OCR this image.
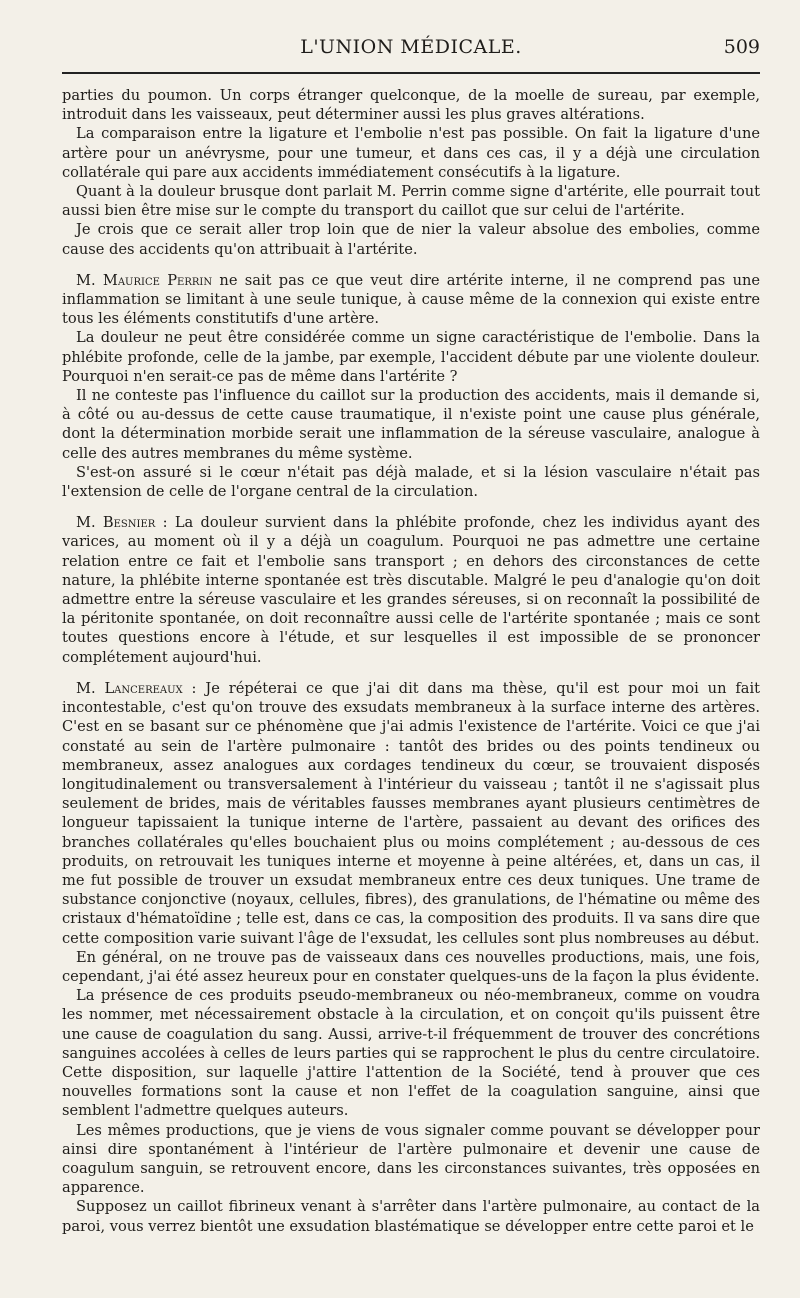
L'UNION MÉDICALE.	509

parties du poumon. Un corps étranger quelconque, de la moelle de sureau, par exemple, introduit dans les vaisseaux, peut déterminer aussi les plus graves altérations.

La comparaison entre la ligature et l'embolie n'est pas possible. On fait la ligature d'une artère pour un anévrysme, pour une tumeur, et dans ces cas, il y a déjà une circulation collatérale qui pare aux accidents immédiatement consécutifs à la ligature.

Quant à la douleur brusque dont parlait M. Perrin comme signe d'artérite, elle pourrait tout aussi bien être mise sur le compte du transport du caillot que sur celui de l'artérite.

Je crois que ce serait aller trop loin que de nier la valeur absolue des embolies, comme cause des accidents qu'on attribuait à l'artérite.

M. Maurice Perrin ne sait pas ce que veut dire artérite interne, il ne comprend pas une inflammation se limitant à une seule tunique, à cause même de la connexion qui existe entre tous les éléments constitutifs d'une artère.

La douleur ne peut être considérée comme un signe caractéristique de l'embolie. Dans la phlébite profonde, celle de la jambe, par exemple, l'accident débute par une violente douleur. Pourquoi n'en serait-ce pas de même dans l'artérite ?

Il ne conteste pas l'influence du caillot sur la production des accidents, mais il demande si, à côté ou au-dessus de cette cause traumatique, il n'existe point une cause plus générale, dont la détermination morbide serait une inflammation de la séreuse vasculaire, analogue à celle des autres membranes du même système.

S'est-on assuré si le cœur n'était pas déjà malade, et si la lésion vasculaire n'était pas l'extension de celle de l'organe central de la circulation.

M. Besnier : La douleur survient dans la phlébite profonde, chez les individus ayant des varices, au moment où il y a déjà un coagulum. Pourquoi ne pas admettre une certaine relation entre ce fait et l'embolie sans transport ; en dehors des circonstances de cette nature, la phlébite interne spontanée est très discutable. Malgré le peu d'analogie qu'on doit admettre entre la séreuse vasculaire et les grandes séreuses, si on reconnaît la possibilité de la péritonite spontanée, on doit reconnaître aussi celle de l'artérite spontanée ; mais ce sont toutes questions encore à l'étude, et sur lesquelles il est impossible de se prononcer complétement aujourd'hui.

M. Lancereaux : Je répéterai ce que j'ai dit dans ma thèse, qu'il est pour moi un fait incontestable, c'est qu'on trouve des exsudats membraneux à la surface interne des artères. C'est en se basant sur ce phénomène que j'ai admis l'existence de l'artérite. Voici ce que j'ai constaté au sein de l'artère pulmonaire : tantôt des brides ou des points tendineux ou membraneux, assez analogues aux cordages tendineux du cœur, se trouvaient disposés longitudinalement ou transversalement à l'intérieur du vaisseau ; tantôt il ne s'agissait plus seulement de brides, mais de véritables fausses membranes ayant plusieurs centimètres de longueur tapissaient la tunique interne de l'artère, passaient au devant des orifices des branches collatérales qu'elles bouchaient plus ou moins complétement ; au-dessous de ces produits, on retrouvait les tuniques interne et moyenne à peine altérées, et, dans un cas, il me fut possible de trouver un exsudat membraneux entre ces deux tuniques. Une trame de substance conjonctive (noyaux, cellules, fibres), des granulations, de l'hématine ou même des cristaux d'hématoïdine ; telle est, dans ce cas, la composition des produits. Il va sans dire que cette composition varie suivant l'âge de l'exsudat, les cellules sont plus nombreuses au début.

En général, on ne trouve pas de vaisseaux dans ces nouvelles productions, mais, une fois, cependant, j'ai été assez heureux pour en constater quelques-uns de la façon la plus évidente.

La présence de ces produits pseudo-membraneux ou néo-membraneux, comme on voudra les nommer, met nécessairement obstacle à la circulation, et on conçoit qu'ils puissent être une cause de coagulation du sang. Aussi, arrive-t-il fréquemment de trouver des concrétions sanguines accolées à celles de leurs parties qui se rapprochent le plus du centre circulatoire. Cette disposition, sur laquelle j'attire l'attention de la Société, tend à prouver que ces nouvelles formations sont la cause et non l'effet de la coagulation sanguine, ainsi que semblent l'admettre quelques auteurs.

Les mêmes productions, que je viens de vous signaler comme pouvant se développer pour ainsi dire spontanément à l'intérieur de l'artère pulmonaire et devenir une cause de coagulum sanguin, se retrouvent encore, dans les circonstances suivantes, très opposées en apparence.

Supposez un caillot fibrineux venant à s'arrêter dans l'artère pulmonaire, au contact de la paroi, vous verrez bientôt une exsudation blastématique se développer entre cette paroi et le
